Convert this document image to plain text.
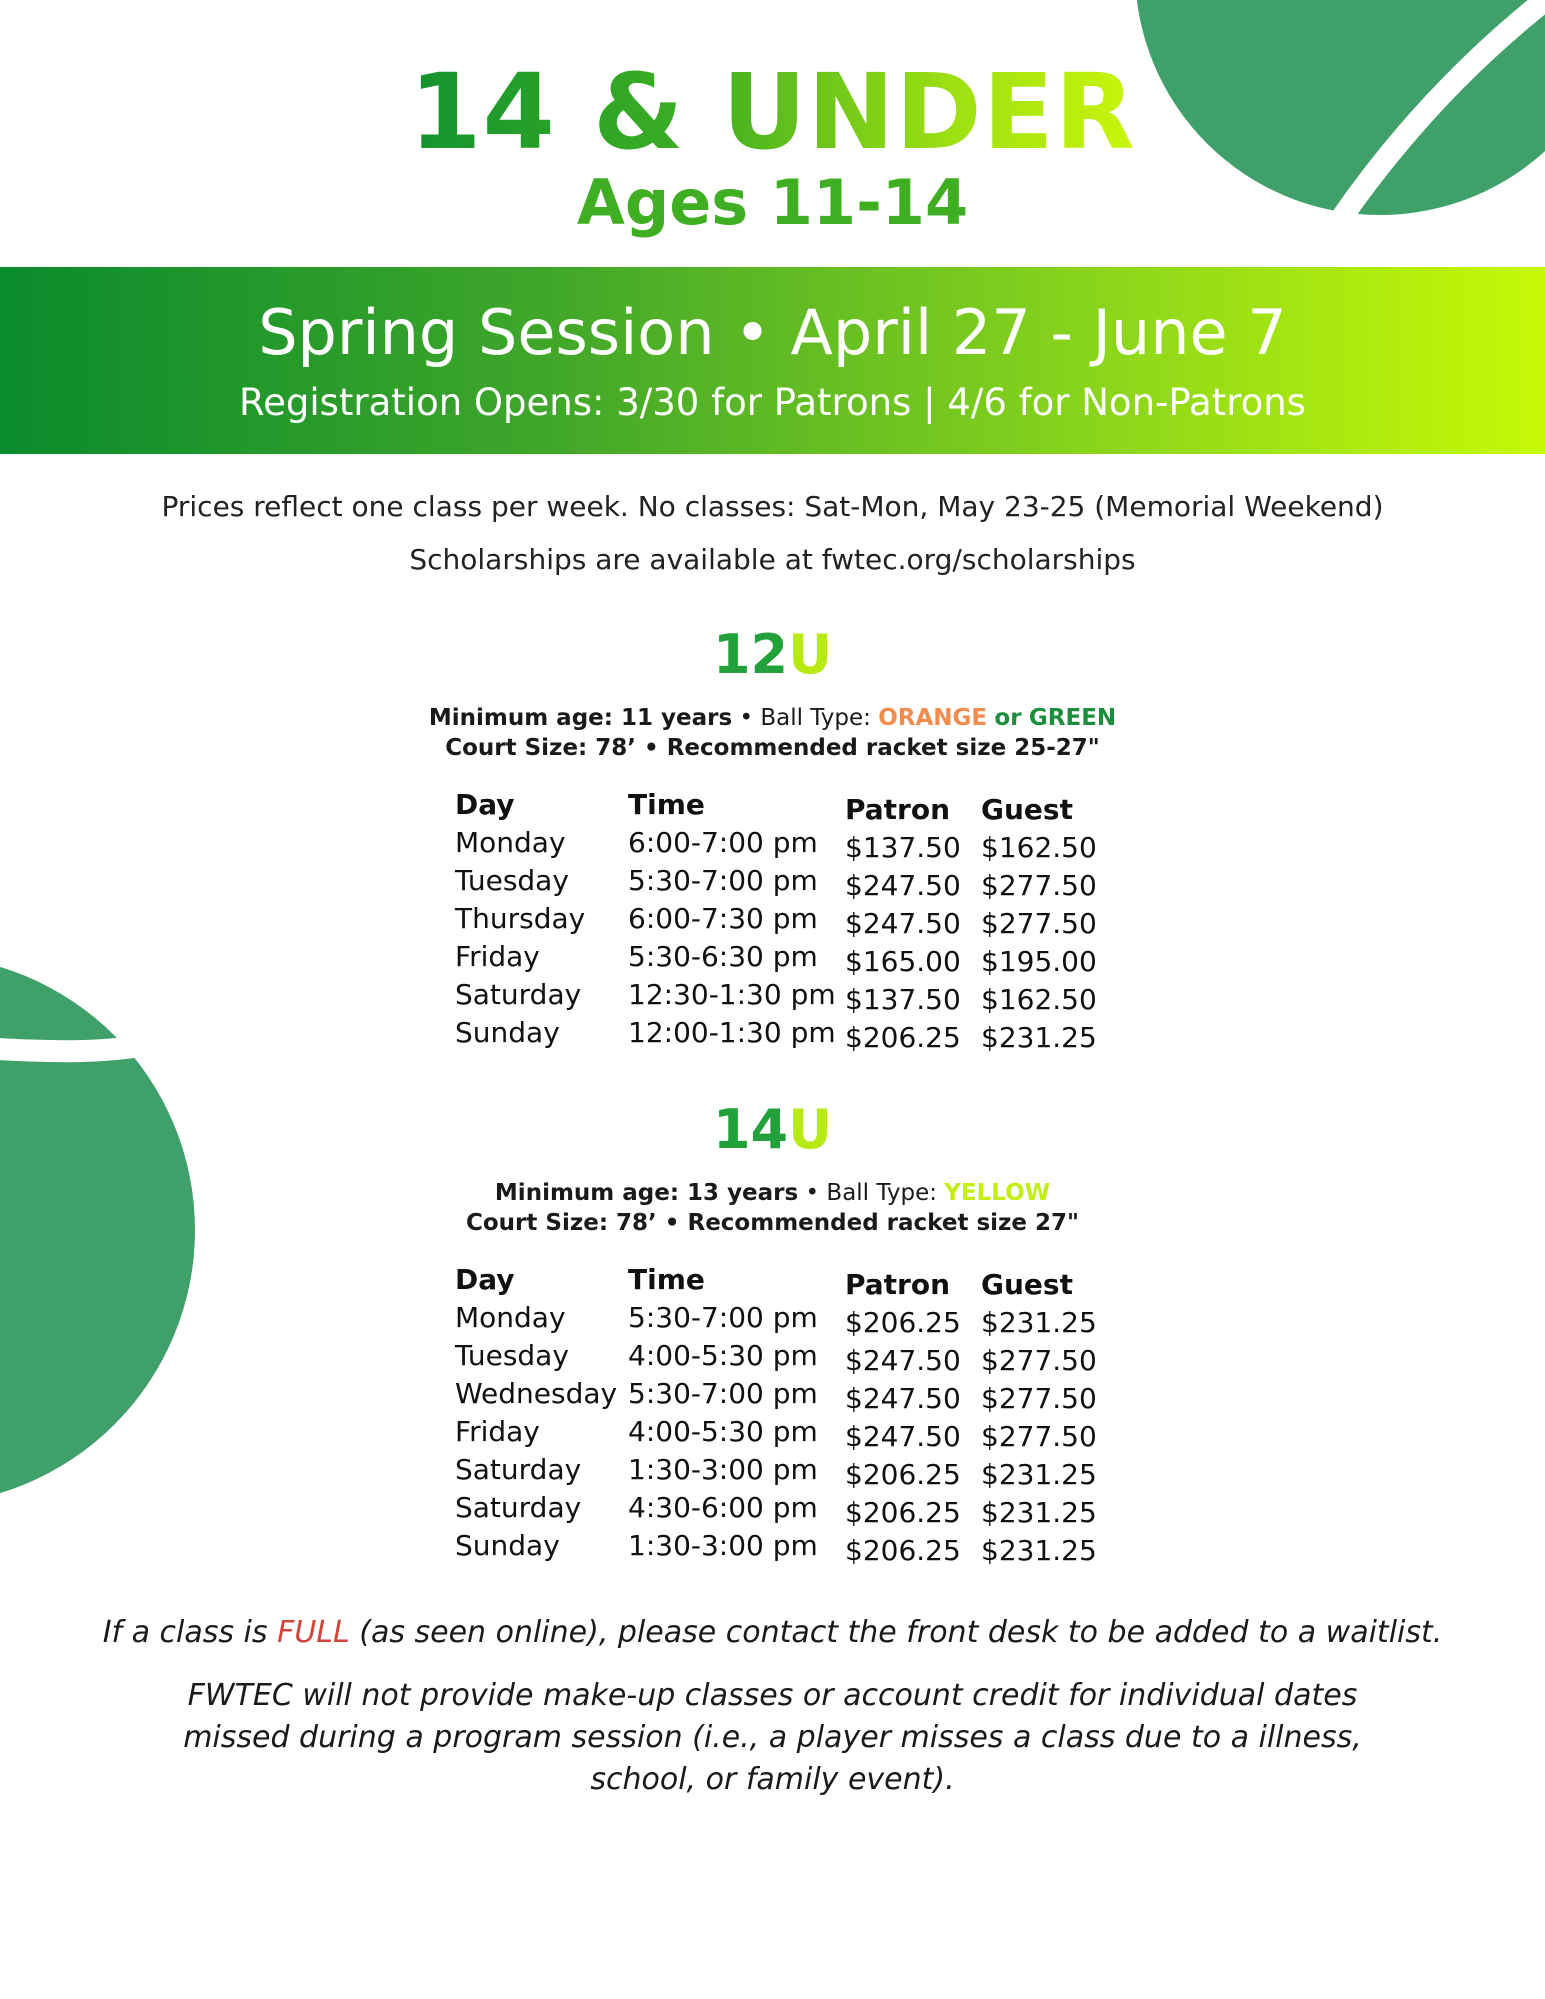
14 & UNDER
Ages 11-14
Spring Session • April 27 - June 7
Registration Opens: 3/30 for Patrons | 4/6 for Non-Patrons
Prices reflect one class per week. No classes: Sat-Mon, May 23-25 (Memorial Weekend)
Scholarships are available at fwtec.org/scholarships
12U
Minimum age: 11 years • Ball Type: ORANGE or GREEN
Court Size: 78’ • Recommended racket size 25-27"
Day	Time	Patron Guest
Monday 6:00-7:00 pm $137.50 $162.50
Tuesday 5:30-7:00 pm $247.50 $277.50
Thursday 6:00-7:30 pm $247.50 $277.50
Friday	5:30-6:30 pm $165.00 $195.00
Saturday 12:30-1:30 pm $137.50 $162.50
Sunday 12:00-1:30 pm $206.25 $231.25
14U
Minimum age: 13 years • Ball Type: YELLOW
Court Size: 78’ • Recommended racket size 27"
Day	Time	Patron Guest
Monday 5:30-7:00 pm $206.25 $231.25
Tuesday 4:00-5:30 pm $247.50 $277.50
Wednesday 5:30-7:00 pm $247.50 $277.50
Friday	4:00-5:30 pm $247.50 $277.50
Saturday 1:30-3:00 pm $206.25 $231.25
Saturday 4:30-6:00 pm $206.25 $231.25
Sunday 1:30-3:00 pm $206.25 $231.25
If a class is FULL (as seen online), please contact the front desk to be added to a waitlist.
FWTEC will not provide make-up classes or account credit for individual dates
missed during a program session (i.e., a player misses a class due to a illness,
school, or family event).
